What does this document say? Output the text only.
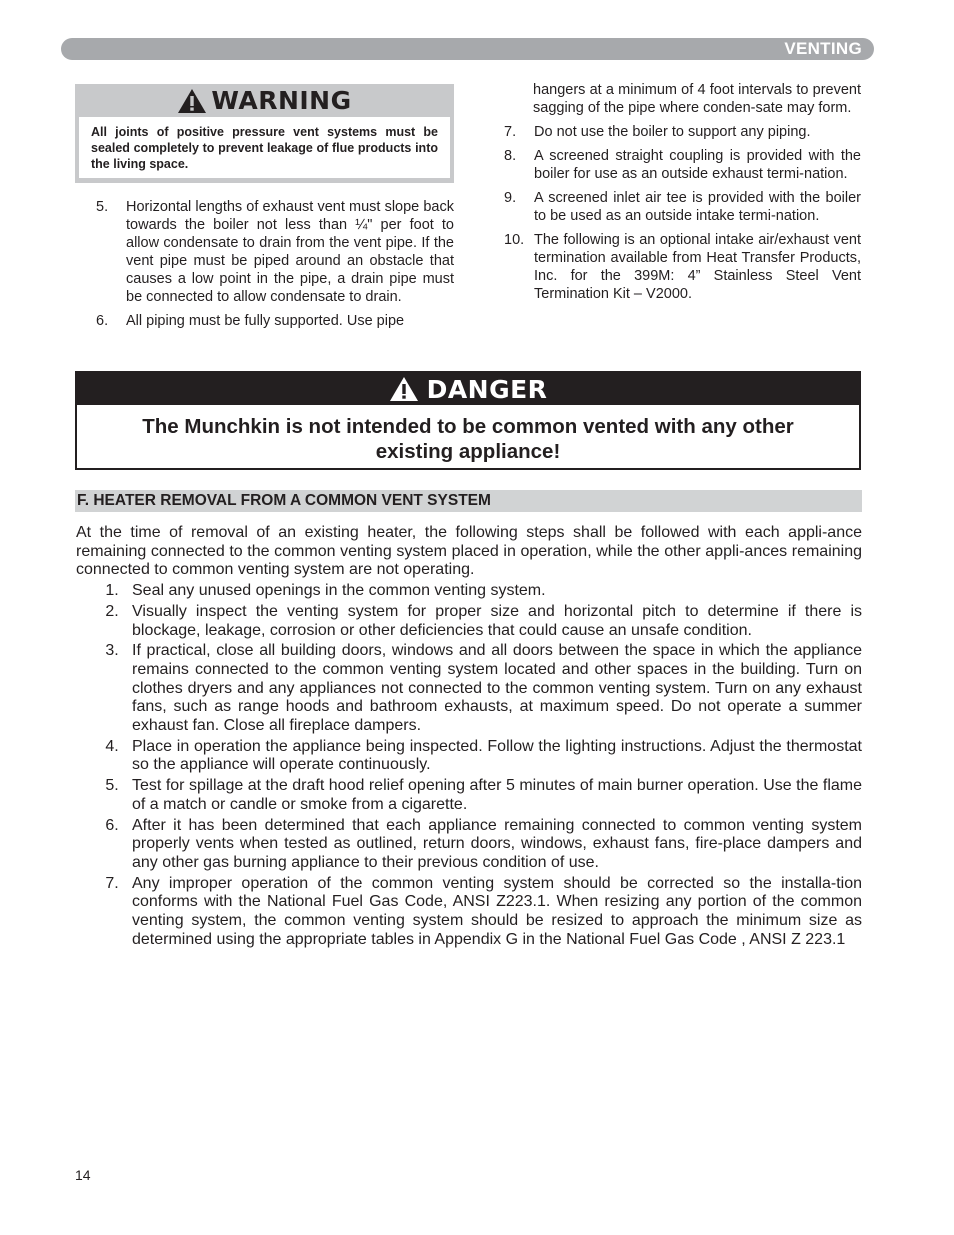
VENTING
WARNING
All joints of positive pressure vent systems must be sealed completely to prevent leakage of flue products into the living space.
5.	Horizontal lengths of exhaust vent must slope back towards the boiler not less than ¼" per foot to allow condensate to drain from the vent pipe. If the vent pipe must be piped around an obstacle that causes a low point in the pipe, a drain pipe must be connected to allow condensate to drain.
6.	All piping must be fully supported. Use pipe
hangers at a minimum of 4 foot intervals to prevent sagging of the pipe where conden-sate may form.
7.	Do not use the boiler to support any piping.
8.	A screened straight coupling is provided with the boiler for use as an outside exhaust termi-nation.
9.	A screened inlet air tee is provided with the boiler to be used as an outside intake termi-nation.
10. The following is an optional intake air/exhaust vent termination available from Heat Transfer Products, Inc. for the 399M: 4” Stainless Steel Vent Termination Kit – V2000.
DANGER
The Munchkin is not intended to be common vented with any other
existing appliance!
F. HEATER REMOVAL FROM A COMMON VENT SYSTEM
At the time of removal of an existing heater, the following steps shall be followed with each appli-ance remaining connected to the common venting system placed in operation, while the other appli-ances remaining connected to common venting system are not operating.
1. Seal any unused openings in the common venting system.
2. Visually inspect the venting system for proper size and horizontal pitch to determine if there is blockage, leakage, corrosion or other deficiencies that could cause an unsafe condition.
3. If practical, close all building doors, windows and all doors between the space in which the appliance remains connected to the common venting system located and other spaces in the building. Turn on clothes dryers and any appliances not connected to the common venting system. Turn on any exhaust fans, such as range hoods and bathroom exhausts, at maximum speed. Do not operate a summer exhaust fan. Close all fireplace dampers.
4. Place in operation the appliance being inspected. Follow the lighting instructions. Adjust the thermostat so the appliance will operate continuously.
5. Test for spillage at the draft hood relief opening after 5 minutes of main burner operation. Use the flame of a match or candle or smoke from a cigarette.
6. After it has been determined that each appliance remaining connected to common venting system properly vents when tested as outlined, return doors, windows, exhaust fans, fire-place dampers and any other gas burning appliance to their previous condition of use.
7. Any improper operation of the common venting system should be corrected so the installa-tion conforms with the National Fuel Gas Code, ANSI Z223.1. When resizing any portion of the common venting system, the common venting system should be resized to approach the minimum size as determined using the appropriate tables in Appendix G in the National Fuel Gas Code , ANSI Z 223.1
14
